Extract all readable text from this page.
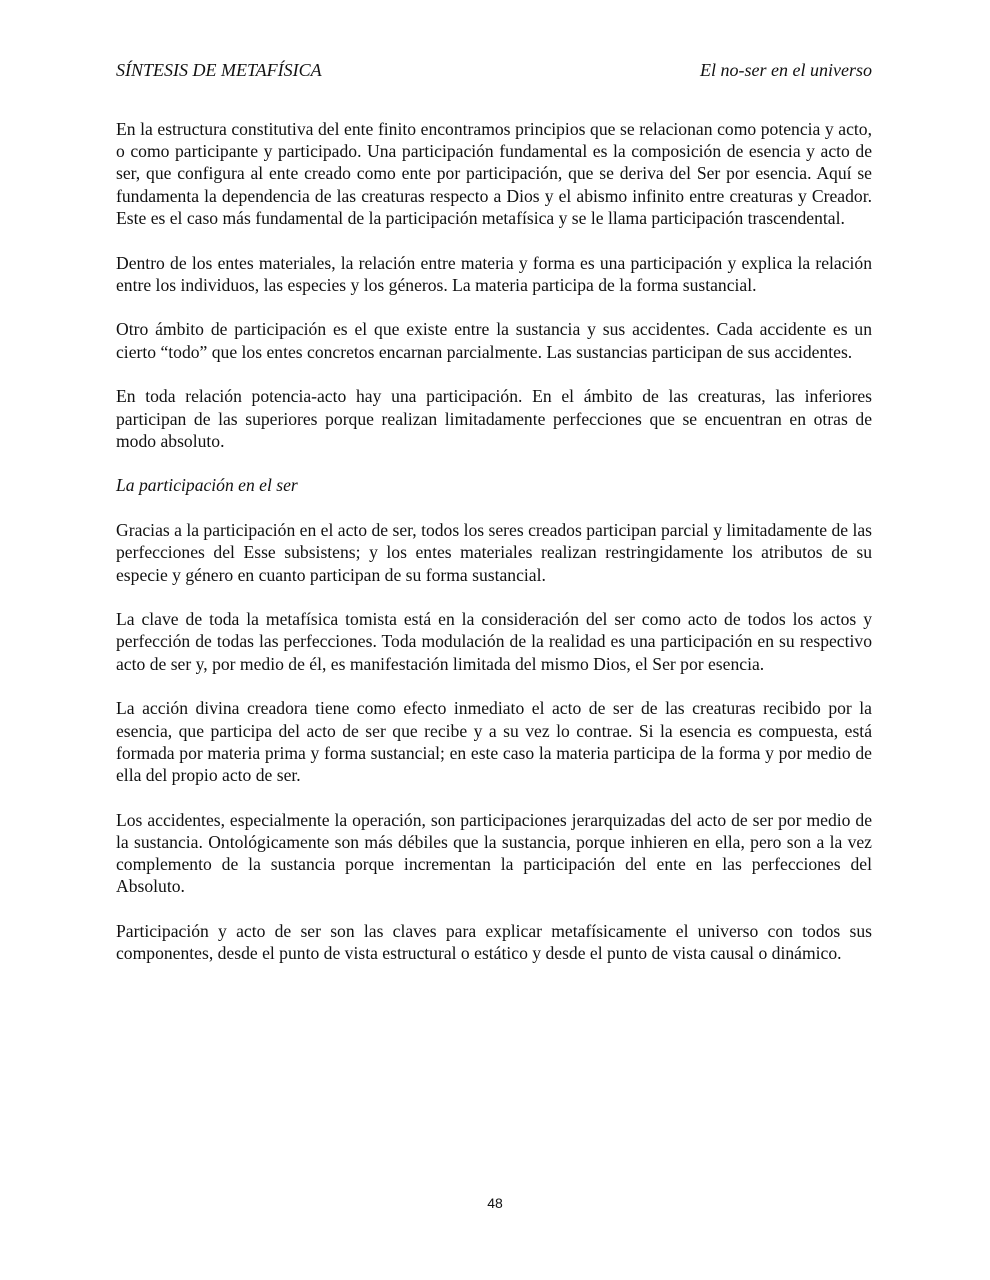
SÍNTESIS DE METAFÍSICA	El no-ser en el universo

En la estructura constitutiva del ente finito encontramos principios que se relacionan como potencia y acto, o como participante y participado. Una participación fundamental es la composición de esencia y acto de ser, que configura al ente creado como ente por participación, que se deriva del Ser por esencia. Aquí se fundamenta la dependencia de las creaturas respecto a Dios y el abismo infinito entre creaturas y Creador. Este es el caso más fundamental de la participación metafísica y se le llama participación trascendental.

Dentro de los entes materiales, la relación entre materia y forma es una participación y explica la relación entre los individuos, las especies y los géneros. La materia participa de la forma sustancial.

Otro ámbito de participación es el que existe entre la sustancia y sus accidentes. Cada accidente es un cierto “todo” que los entes concretos encarnan parcialmente. Las sustancias participan de sus accidentes.

En toda relación potencia-acto hay una participación. En el ámbito de las creaturas, las inferiores participan de las superiores porque realizan limitadamente perfecciones que se encuentran en otras de modo absoluto.

La participación en el ser

Gracias a la participación en el acto de ser, todos los seres creados participan parcial y limitadamente de las perfecciones del Esse subsistens; y los entes materiales realizan restringidamente los atributos de su especie y género en cuanto participan de su forma sustancial.

La clave de toda la metafísica tomista está en la consideración del ser como acto de todos los actos y perfección de todas las perfecciones. Toda modulación de la realidad es una participación en su respectivo acto de ser y, por medio de él, es manifestación limitada del mismo Dios, el Ser por esencia.

La acción divina creadora tiene como efecto inmediato el acto de ser de las creaturas recibido por la esencia, que participa del acto de ser que recibe y a su vez lo contrae. Si la esencia es compuesta, está formada por materia prima y forma sustancial; en este caso la materia participa de la forma y por medio de ella del propio acto de ser.

Los accidentes, especialmente la operación, son participaciones jerarquizadas del acto de ser por medio de la sustancia. Ontológicamente son más débiles que la sustancia, porque inhieren en ella, pero son a la vez complemento de la sustancia porque incrementan la participación del ente en las perfecciones del Absoluto.

Participación y acto de ser son las claves para explicar metafísicamente el universo con todos sus componentes, desde el punto de vista estructural o estático y desde el punto de vista causal o dinámico.

48
